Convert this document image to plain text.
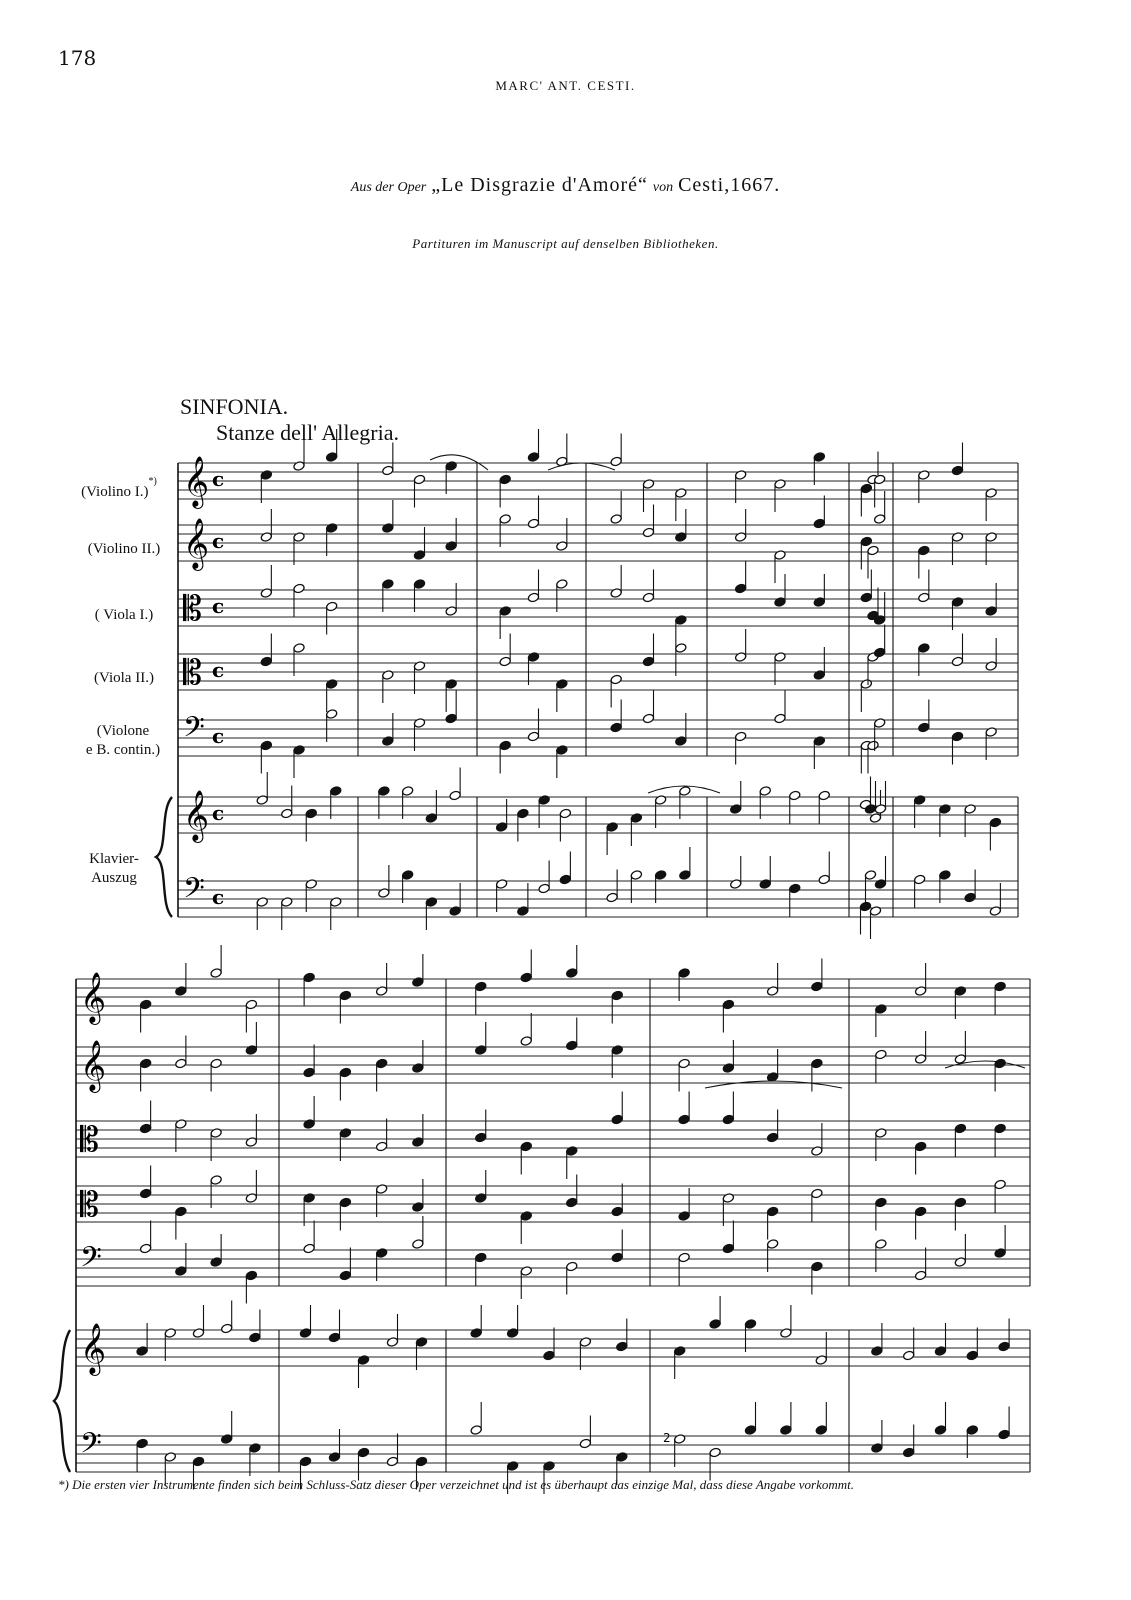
178
MARC' ANT. CESTI.
Aus der Oper „Le Disgrazie d'Amoré“ von Cesti,1667.
Partituren im Manuscript auf denselben Bibliotheken.
SINFONIA.
Stanze dell' Allegria.
(Violino I.)*)
(Violino II.)
( Viola I.)
(Viola II.)
(Violone
e B. contin.)
Klavier-
Auszug
2
𝄞 c
𝄞 c
𝄡 c
𝄡 c
𝄢 c
𝄞 c
𝄢 c
𝄞
𝄞
𝄡
𝄡
𝄢
𝄞
𝄢
*) Die ersten vier Instrumente finden sich beim Schluss-Satz dieser Oper verzeichnet und ist es überhaupt das einzige Mal, dass diese Angabe vorkommt.
